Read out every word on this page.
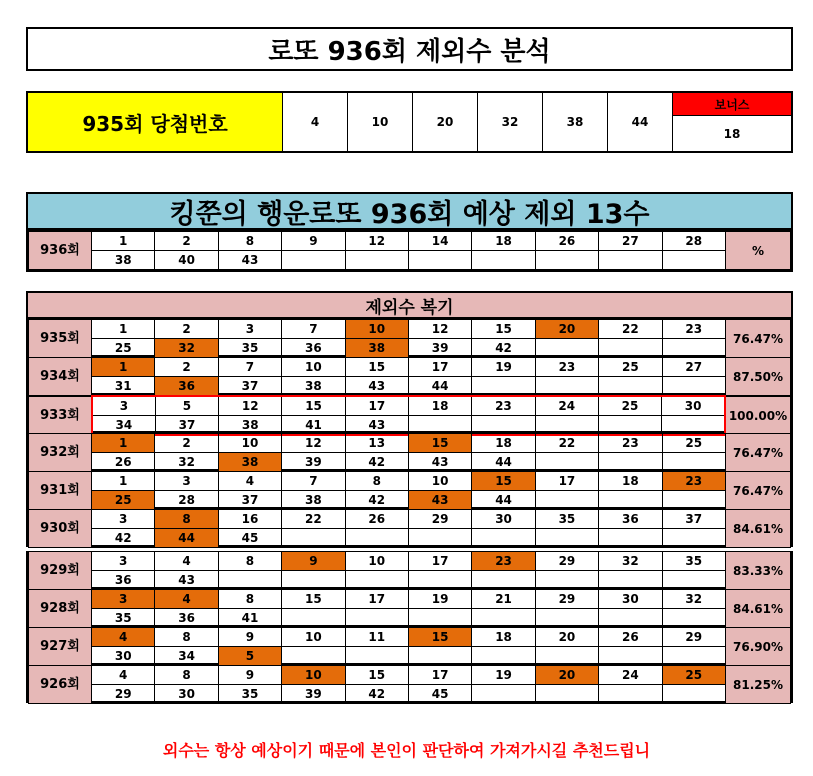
로또 936회 제외수 분석
935회 당첨번호	4	10	20	32	38	44
보너스
18
킹쭌의 행운로또 936회 예상 제외 13수
936회	1	2	8	9	12	14	18	26	27	28	%
	38	40	43								
제외수 복기
935회	1	2	3	7	10	12	15	20	22	23	76.47%
	25	32	35	36	38	39	42				
934회	1	2	7	10	15	17	19	23	25	27	87.50%
	31	36	37	38	43	44					
933회	3	5	12	15	17	18	23	24	25	30	100.00%
	34	37	38	41	43						
932회	1	2	10	12	13	15	18	22	23	25	76.47%
	26	32	38	39	42	43	44				
931회	1	3	4	7	8	10	15	17	18	23	76.47%
	25	28	37	38	42	43	44				
930회	3	8	16	22	26	29	30	35	36	37	84.61%
	42	44	45								
929회	3	4	8	9	10	17	23	29	32	35	83.33%
	36	43									
928회	3	4	8	15	17	19	21	29	30	32	84.61%
	35	36	41								
927회	4	8	9	10	11	15	18	20	26	29	76.90%
	30	34	5								
926회	4	8	9	10	15	17	19	20	24	25	81.25%
	29	30	35	39	42	45					
외수는 항상 예상이기 때문에 본인이 판단하여 가져가시길 추천드립니
